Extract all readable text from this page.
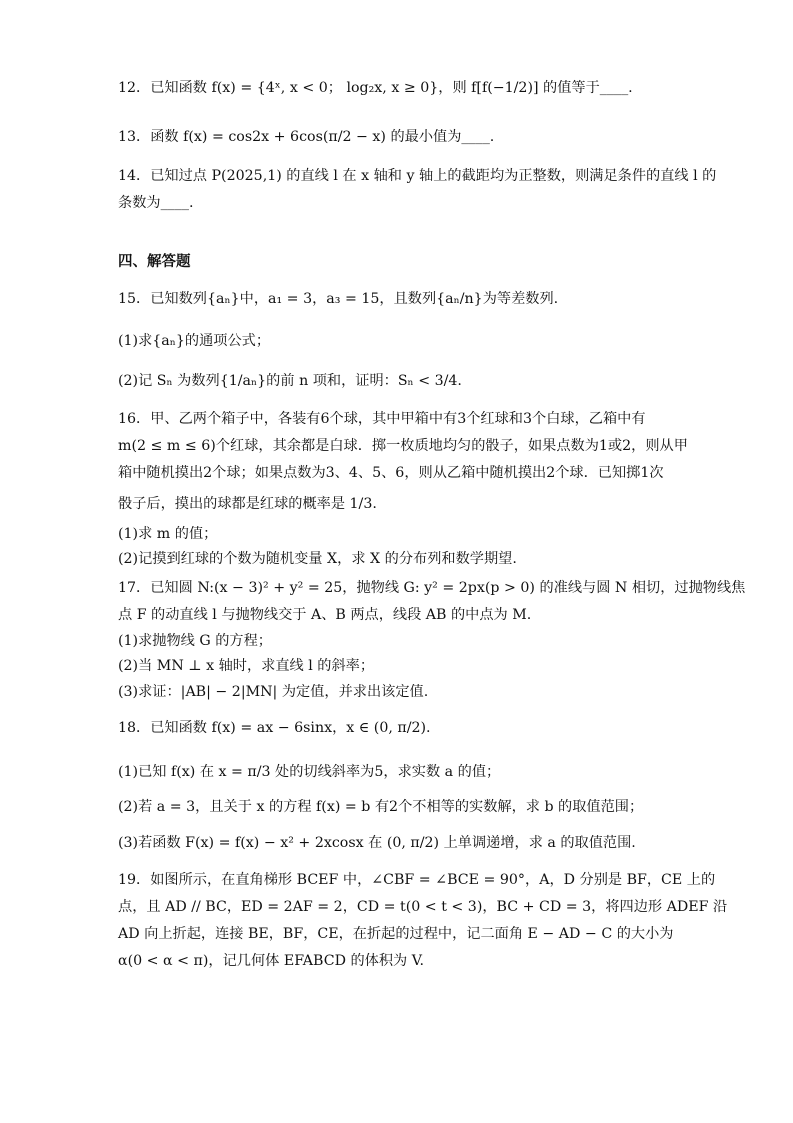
12．已知函数 f(x) = {4ˣ, x < 0； log₂x, x ≥ 0}，则 f[f(−1/2)] 的值等于____.
13．函数 f(x) = cos2x + 6cos(π/2 − x) 的最小值为____.
14．已知过点 P(2025,1) 的直线 l 在 x 轴和 y 轴上的截距均为正整数，则满足条件的直线 l 的
条数为____.
四、解答题
15．已知数列{aₙ}中，a₁ = 3，a₃ = 15，且数列{aₙ/n}为等差数列.
(1)求{aₙ}的通项公式；
(2)记 Sₙ 为数列{1/aₙ}的前 n 项和，证明：Sₙ < 3/4.
16．甲、乙两个箱子中，各装有6个球，其中甲箱中有3个红球和3个白球，乙箱中有
m(2 ≤ m ≤ 6)个红球，其余都是白球．掷一枚质地均匀的骰子，如果点数为1或2，则从甲
箱中随机摸出2个球；如果点数为3、4、5、6，则从乙箱中随机摸出2个球．已知掷1次
骰子后，摸出的球都是红球的概率是 1/3.
(1)求 m 的值；
(2)记摸到红球的个数为随机变量 X，求 X 的分布列和数学期望.
17．已知圆 N:(x − 3)² + y² = 25，抛物线 G: y² = 2px(p > 0) 的准线与圆 N 相切，过抛物线焦
点 F 的动直线 l 与抛物线交于 A、B 两点，线段 AB 的中点为 M.
(1)求抛物线 G 的方程；
(2)当 MN ⊥ x 轴时，求直线 l 的斜率；
(3)求证：|AB| − 2|MN| 为定值，并求出该定值.
18．已知函数 f(x) = ax − 6sinx，x ∈ (0, π/2).
(1)已知 f(x) 在 x = π/3 处的切线斜率为5，求实数 a 的值；
(2)若 a = 3，且关于 x 的方程 f(x) = b 有2个不相等的实数解，求 b 的取值范围；
(3)若函数 F(x) = f(x) − x² + 2xcosx 在 (0, π/2) 上单调递增，求 a 的取值范围.
19．如图所示，在直角梯形 BCEF 中，∠CBF = ∠BCE = 90°，A，D 分别是 BF，CE 上的
点，且 AD // BC，ED = 2AF = 2，CD = t(0 < t < 3)，BC + CD = 3，将四边形 ADEF 沿
AD 向上折起，连接 BE，BF，CE，在折起的过程中，记二面角 E − AD − C 的大小为
α(0 < α < π)，记几何体 EFABCD 的体积为 V.
